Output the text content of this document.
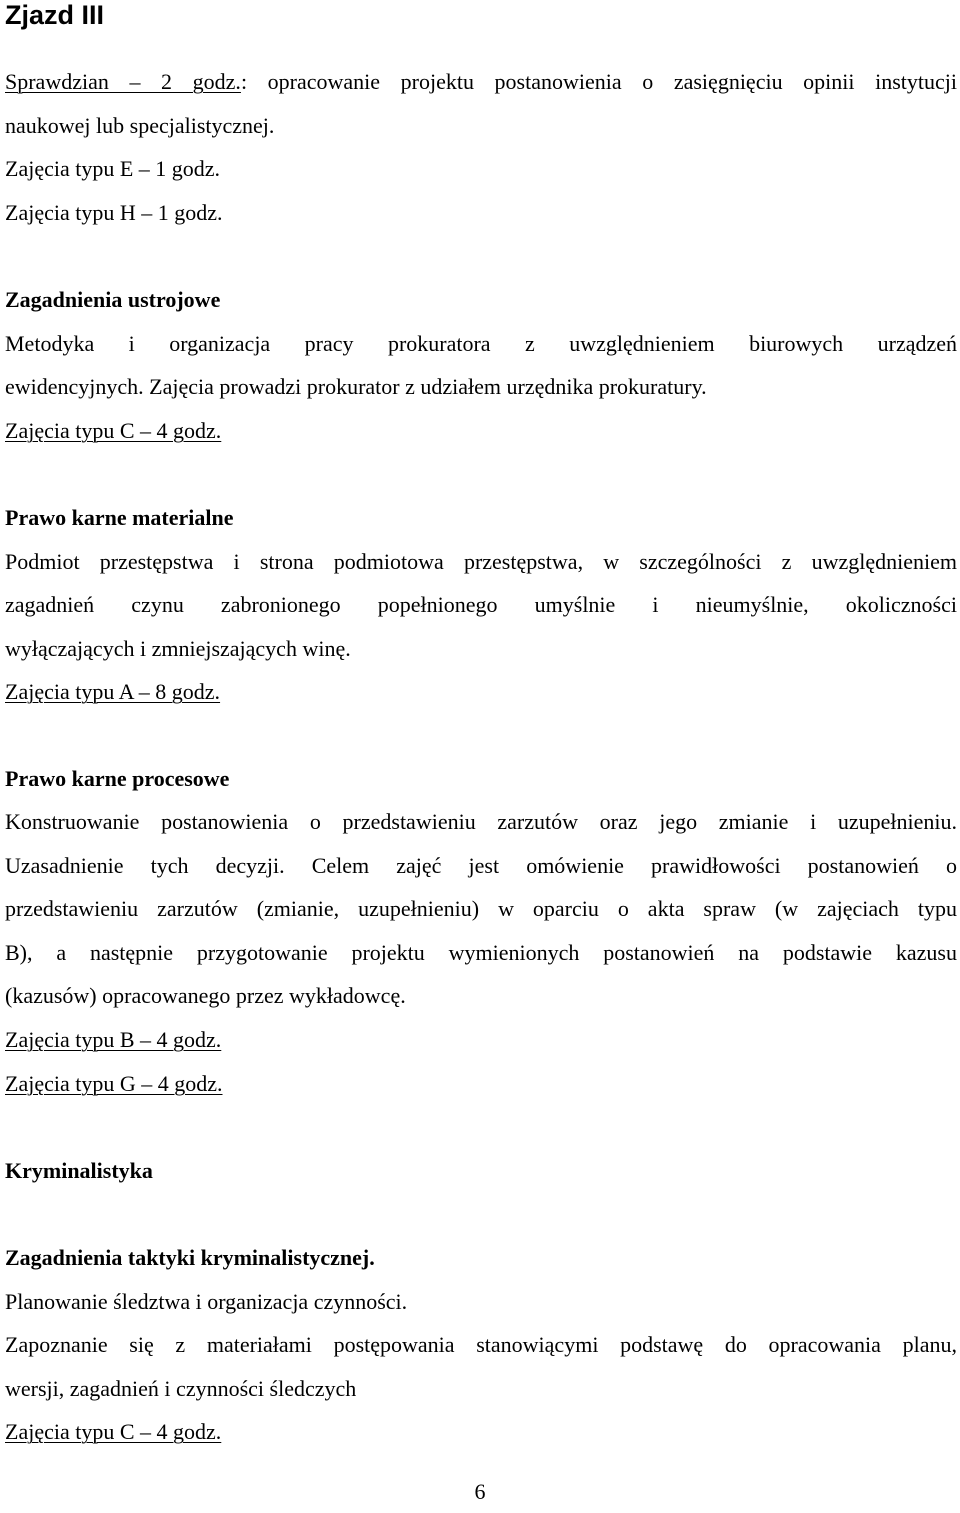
Zjazd III
Sprawdzian – 2 godz.: opracowanie projektu postanowienia o zasięgnięciu opinii instytucji
naukowej lub specjalistycznej.
Zajęcia typu E – 1 godz.
Zajęcia typu H – 1 godz.
Zagadnienia ustrojowe
Metodyka i organizacja pracy prokuratora z uwzględnieniem biurowych urządzeń
ewidencyjnych. Zajęcia prowadzi prokurator z udziałem urzędnika prokuratury.
Zajęcia typu C – 4 godz.
Prawo karne materialne
Podmiot przestępstwa i strona podmiotowa przestępstwa, w szczególności z uwzględnieniem
zagadnień czynu zabronionego popełnionego umyślnie i nieumyślnie, okoliczności
wyłączających i zmniejszających winę.
Zajęcia typu A – 8 godz.
Prawo karne procesowe
Konstruowanie postanowienia o przedstawieniu zarzutów oraz jego zmianie i uzupełnieniu.
Uzasadnienie tych decyzji. Celem zajęć jest omówienie prawidłowości postanowień o
przedstawieniu zarzutów (zmianie, uzupełnieniu) w oparciu o akta spraw (w zajęciach typu
B), a następnie przygotowanie projektu wymienionych postanowień na podstawie kazusu
(kazusów) opracowanego przez wykładowcę.
Zajęcia typu B – 4 godz.
Zajęcia typu G – 4 godz.
Kryminalistyka
Zagadnienia taktyki kryminalistycznej.
Planowanie śledztwa i organizacja czynności.
Zapoznanie się z materiałami postępowania stanowiącymi podstawę do opracowania planu,
wersji, zagadnień i czynności śledczych
Zajęcia typu C – 4 godz.
6
